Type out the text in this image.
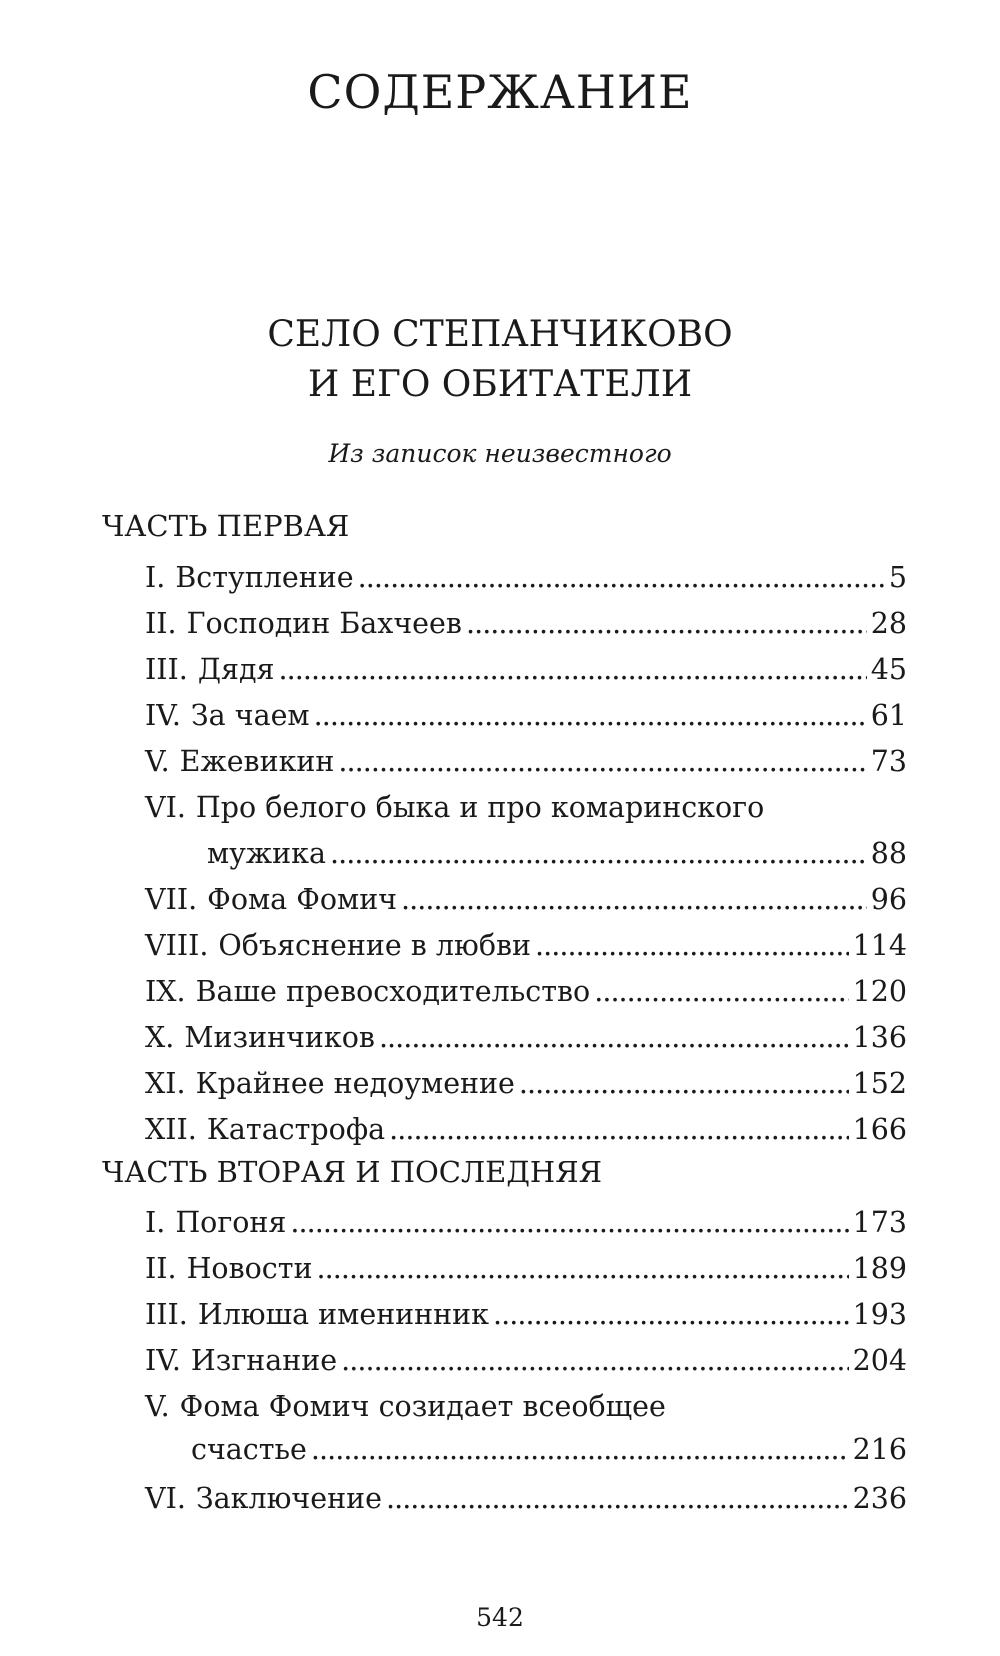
СОДЕРЖАНИЕ
СЕЛО СТЕПАНЧИКОВО
И ЕГО ОБИТАТЕЛИ
Из записок неизвестного
ЧАСТЬ ПЕРВАЯ
I. Вступление . . .	5
II. Господин Бахчеев . . .	28
III. Дядя . . .	45
IV. За чаем . . .	61
V. Ежевикин . . .	73
VI. Про белого быка и про комаринского
мужика . . .	88
VII. Фома Фомич . . .	96
VIII. Объяснение в любви . . .	114
IX. Ваше превосходительство . . .	120
X. Мизинчиков . . .	136
XI. Крайнее недоумение . . .	152
XII. Катастрофа . . .	166
ЧАСТЬ ВТОРАЯ И ПОСЛЕДНЯЯ
I. Погоня . . .	173
II. Новости . . .	189
III. Илюша именинник . . .	193
IV. Изгнание . . .	204
V. Фома Фомич созидает всеобщее
счастье . . .	216
VI. Заключение . . .	236
542
